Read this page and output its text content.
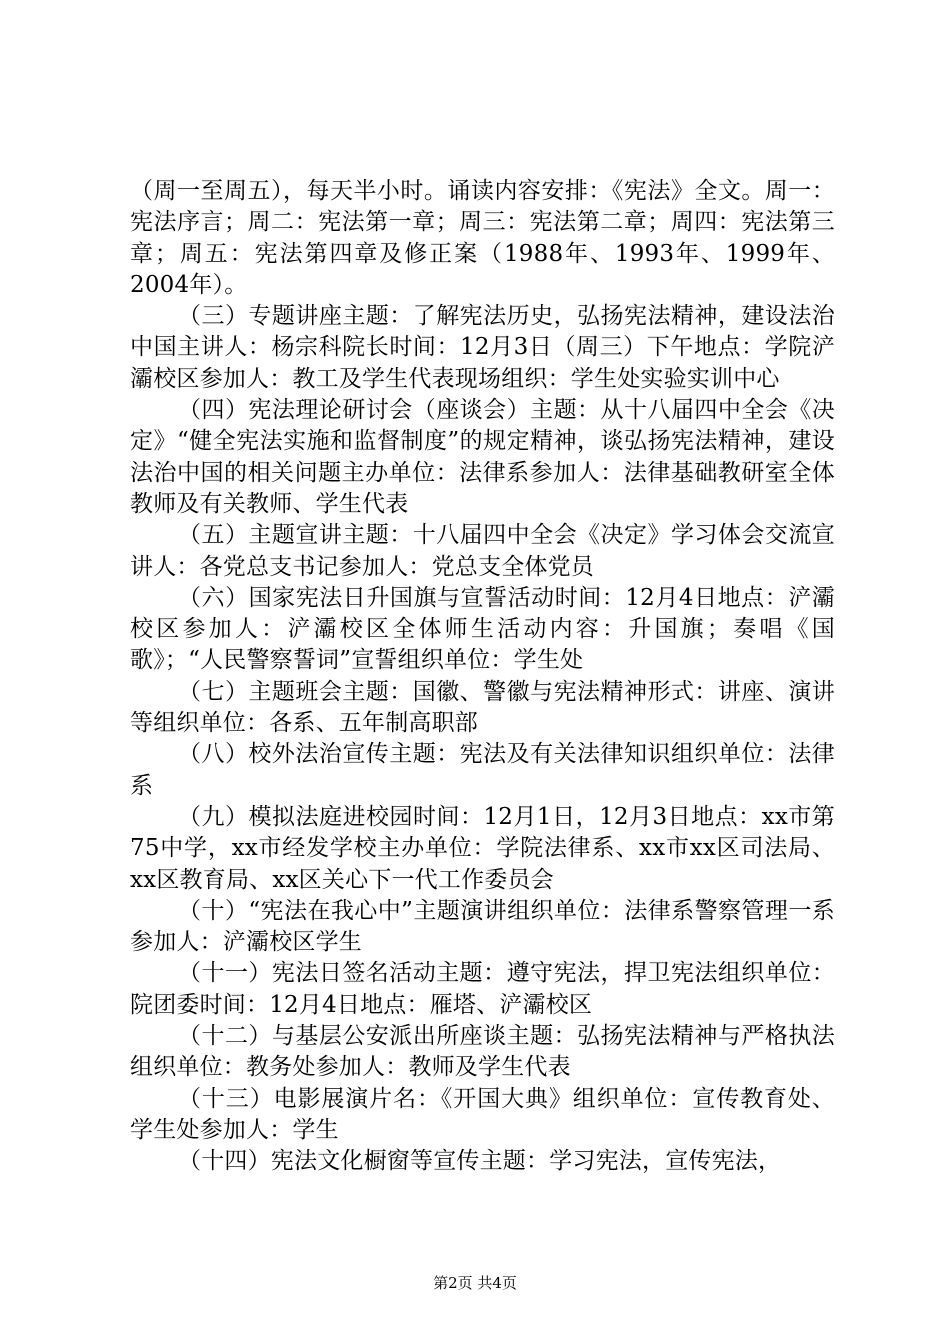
（周一至周五），每天半小时。诵读内容安排：《宪法》全文。周一：宪法序言；周二：宪法第一章；周三：宪法第二章；周四：宪法第三章；周五：宪法第四章及修正案（1988年、1993年、1999年、2004年）。

（三）专题讲座主题：了解宪法历史，弘扬宪法精神，建设法治中国主讲人：杨宗科院长时间：12月3日（周三）下午地点：学院浐灞校区参加人：教工及学生代表现场组织：学生处实验实训中心

（四）宪法理论研讨会（座谈会）主题：从十八届四中全会《决定》“健全宪法实施和监督制度”的规定精神，谈弘扬宪法精神，建设法治中国的相关问题主办单位：法律系参加人：法律基础教研室全体教师及有关教师、学生代表

（五）主题宣讲主题：十八届四中全会《决定》学习体会交流宣讲人：各党总支书记参加人：党总支全体党员

（六）国家宪法日升国旗与宣誓活动时间：12月4日地点：浐灞校区参加人：浐灞校区全体师生活动内容：升国旗；奏唱《国歌》；“人民警察誓词”宣誓组织单位：学生处

（七）主题班会主题：国徽、警徽与宪法精神形式：讲座、演讲等组织单位：各系、五年制高职部

（八）校外法治宣传主题：宪法及有关法律知识组织单位：法律系

（九）模拟法庭进校园时间：12月1日，12月3日地点：xx市第75中学，xx市经发学校主办单位：学院法律系、xx市xx区司法局、xx区教育局、xx区关心下一代工作委员会

（十）“宪法在我心中”主题演讲组织单位：法律系警察管理一系参加人：浐灞校区学生

（十一）宪法日签名活动主题：遵守宪法，捍卫宪法组织单位：院团委时间：12月4日地点：雁塔、浐灞校区

（十二）与基层公安派出所座谈主题：弘扬宪法精神与严格执法组织单位：教务处参加人：教师及学生代表

（十三）电影展演片名：《开国大典》组织单位：宣传教育处、学生处参加人：学生

（十四）宪法文化橱窗等宣传主题：学习宪法，宣传宪法，

第2页 共4页
